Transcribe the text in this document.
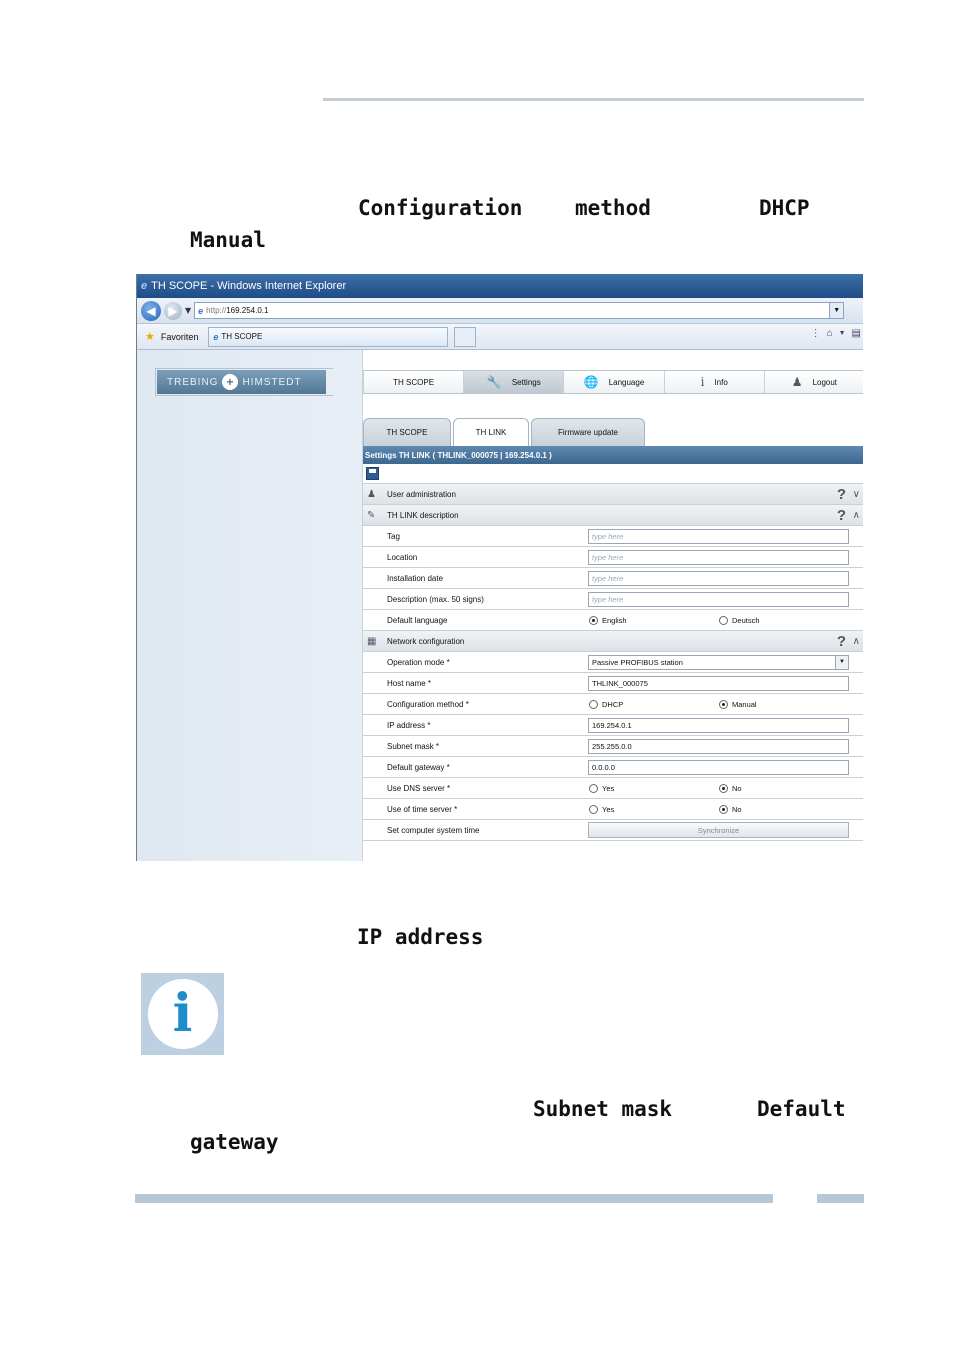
Configuration	method	DHCP
Manual
e TH SCOPE - Windows Internet Explorer
◀	▶ ▼ e http:// 169.254.0.1	▼
★ Favoriten e TH SCOPE	⋮ ⌂ ▼ ▤
TREBING + HIMSTEDT	TH SCOPE	🔧 Settings	🌐 Language	i Info	♟ Logout
TH SCOPE	TH LINK	Firmware update
Settings TH LINK ( THLINK_000075 | 169.254.0.1 )
♟ User administration	? ∨
✎ TH LINK description	? ∧
Tag	type here
Location	type here
Installation date	type here
Description (max. 50 signs)	type here
Default language	English	Deutsch
▦ Network configuration	? ∧
Operation mode *	Passive PROFIBUS station	▼
Host name *	THLINK_000075
Configuration method *	DHCP	Manual
IP address *	169.254.0.1
Subnet mask *	255.255.0.0
Default gateway *	0.0.0.0
Use DNS server *	Yes	No
Use of time server *	Yes	No
Set computer system time	Synchronize
IP address
i
Subnet mask	Default
gateway
